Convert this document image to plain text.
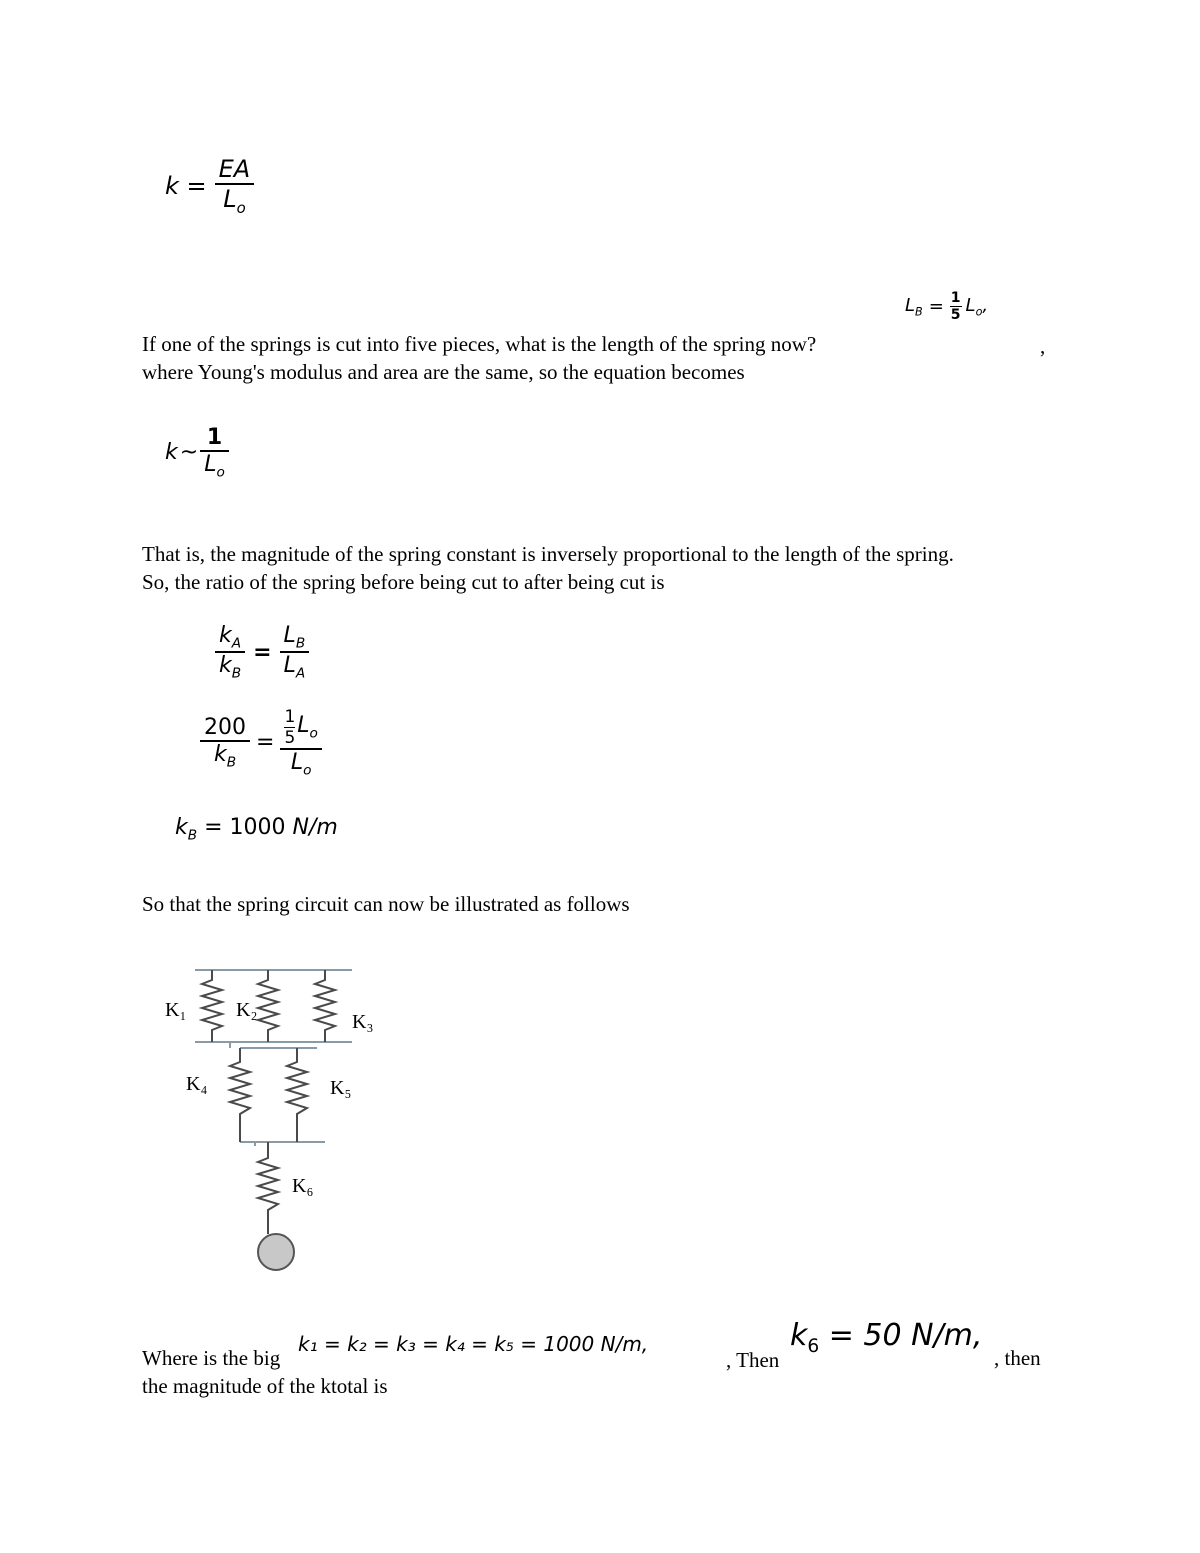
$k = \frac{EA}{L_o}$
$L_B = \frac{1}{5} L_o$,
If one of the springs is cut into five pieces, what is the length of the spring now?	,
where Young's modulus and area are the same, so the equation becomes
k ~ $\frac{1}{L_o}$
That is, the magnitude of the spring constant is inversely proportional to the length of the spring.
So, the ratio of the spring before being cut to after being cut is
$\frac{k_A}{k_B} = \frac{L_B}{L_A}$
$\frac{200}{k_B} = \frac{\frac{1}{5} L_o}{L_o}$
$k_B = 1000$ N/m
So that the spring circuit can now be illustrated as follows
K₁ K₂
K₃
K₄	K₅
K₆
Where is the big
k₁ = k₂ = k₃ = k₄ = k₅ = 1000 N/m,
, Then
$k_6 = 50$ N/m,
, then
the magnitude of the ktotal is
